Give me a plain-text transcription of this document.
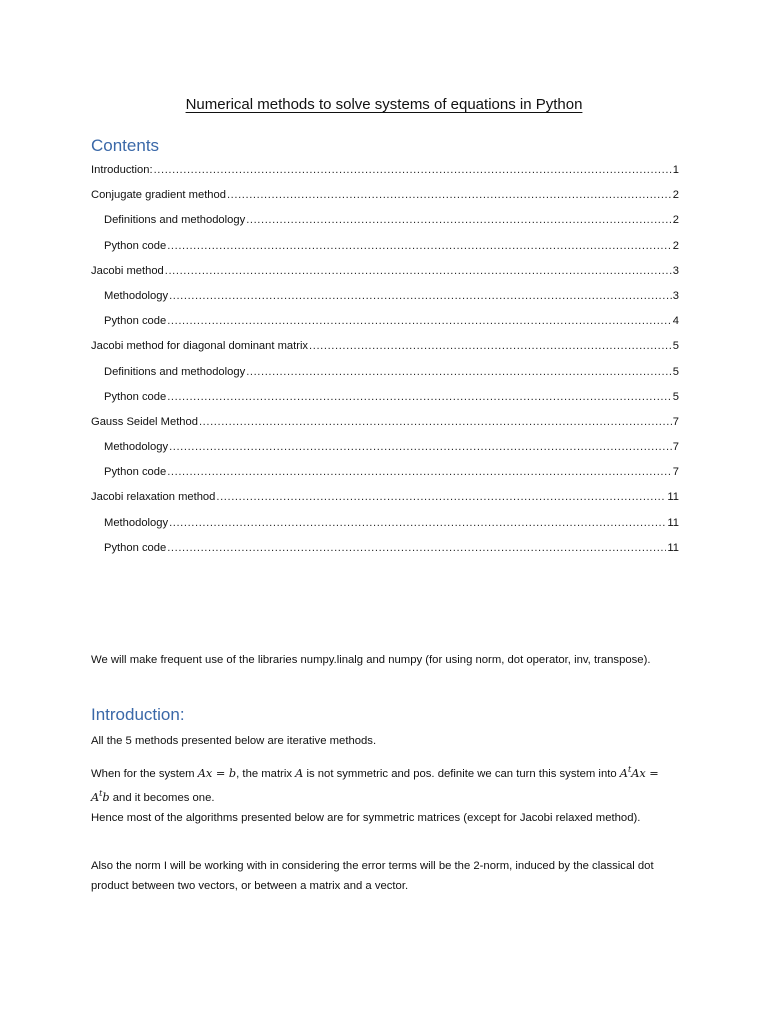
Numerical methods to solve systems of equations in Python
Contents
Introduction: .....	1
Conjugate gradient method .....	2
Definitions and methodology .....	2
Python code .....	2
Jacobi method .....	3
Methodology .....	3
Python code .....	4
Jacobi method for diagonal dominant matrix .....	5
Definitions and methodology .....	5
Python code .....	5
Gauss Seidel Method .....	7
Methodology .....	7
Python code .....	7
Jacobi relaxation method .....	11
Methodology .....	11
Python code .....	11
We will make frequent use of the libraries numpy.linalg and numpy (for using norm, dot operator, inv, transpose).
Introduction:
All the 5 methods presented below are iterative methods.
When for the system Ax = b, the matrix A is not symmetric and pos. definite we can turn this system into $A^tAx = A^tb$ and it becomes one.
Hence most of the algorithms presented below are for symmetric matrices (except for Jacobi relaxed method).
Also the norm I will be working with in considering the error terms will be the 2-norm, induced by the classical dot product between two vectors, or between a matrix and a vector.
